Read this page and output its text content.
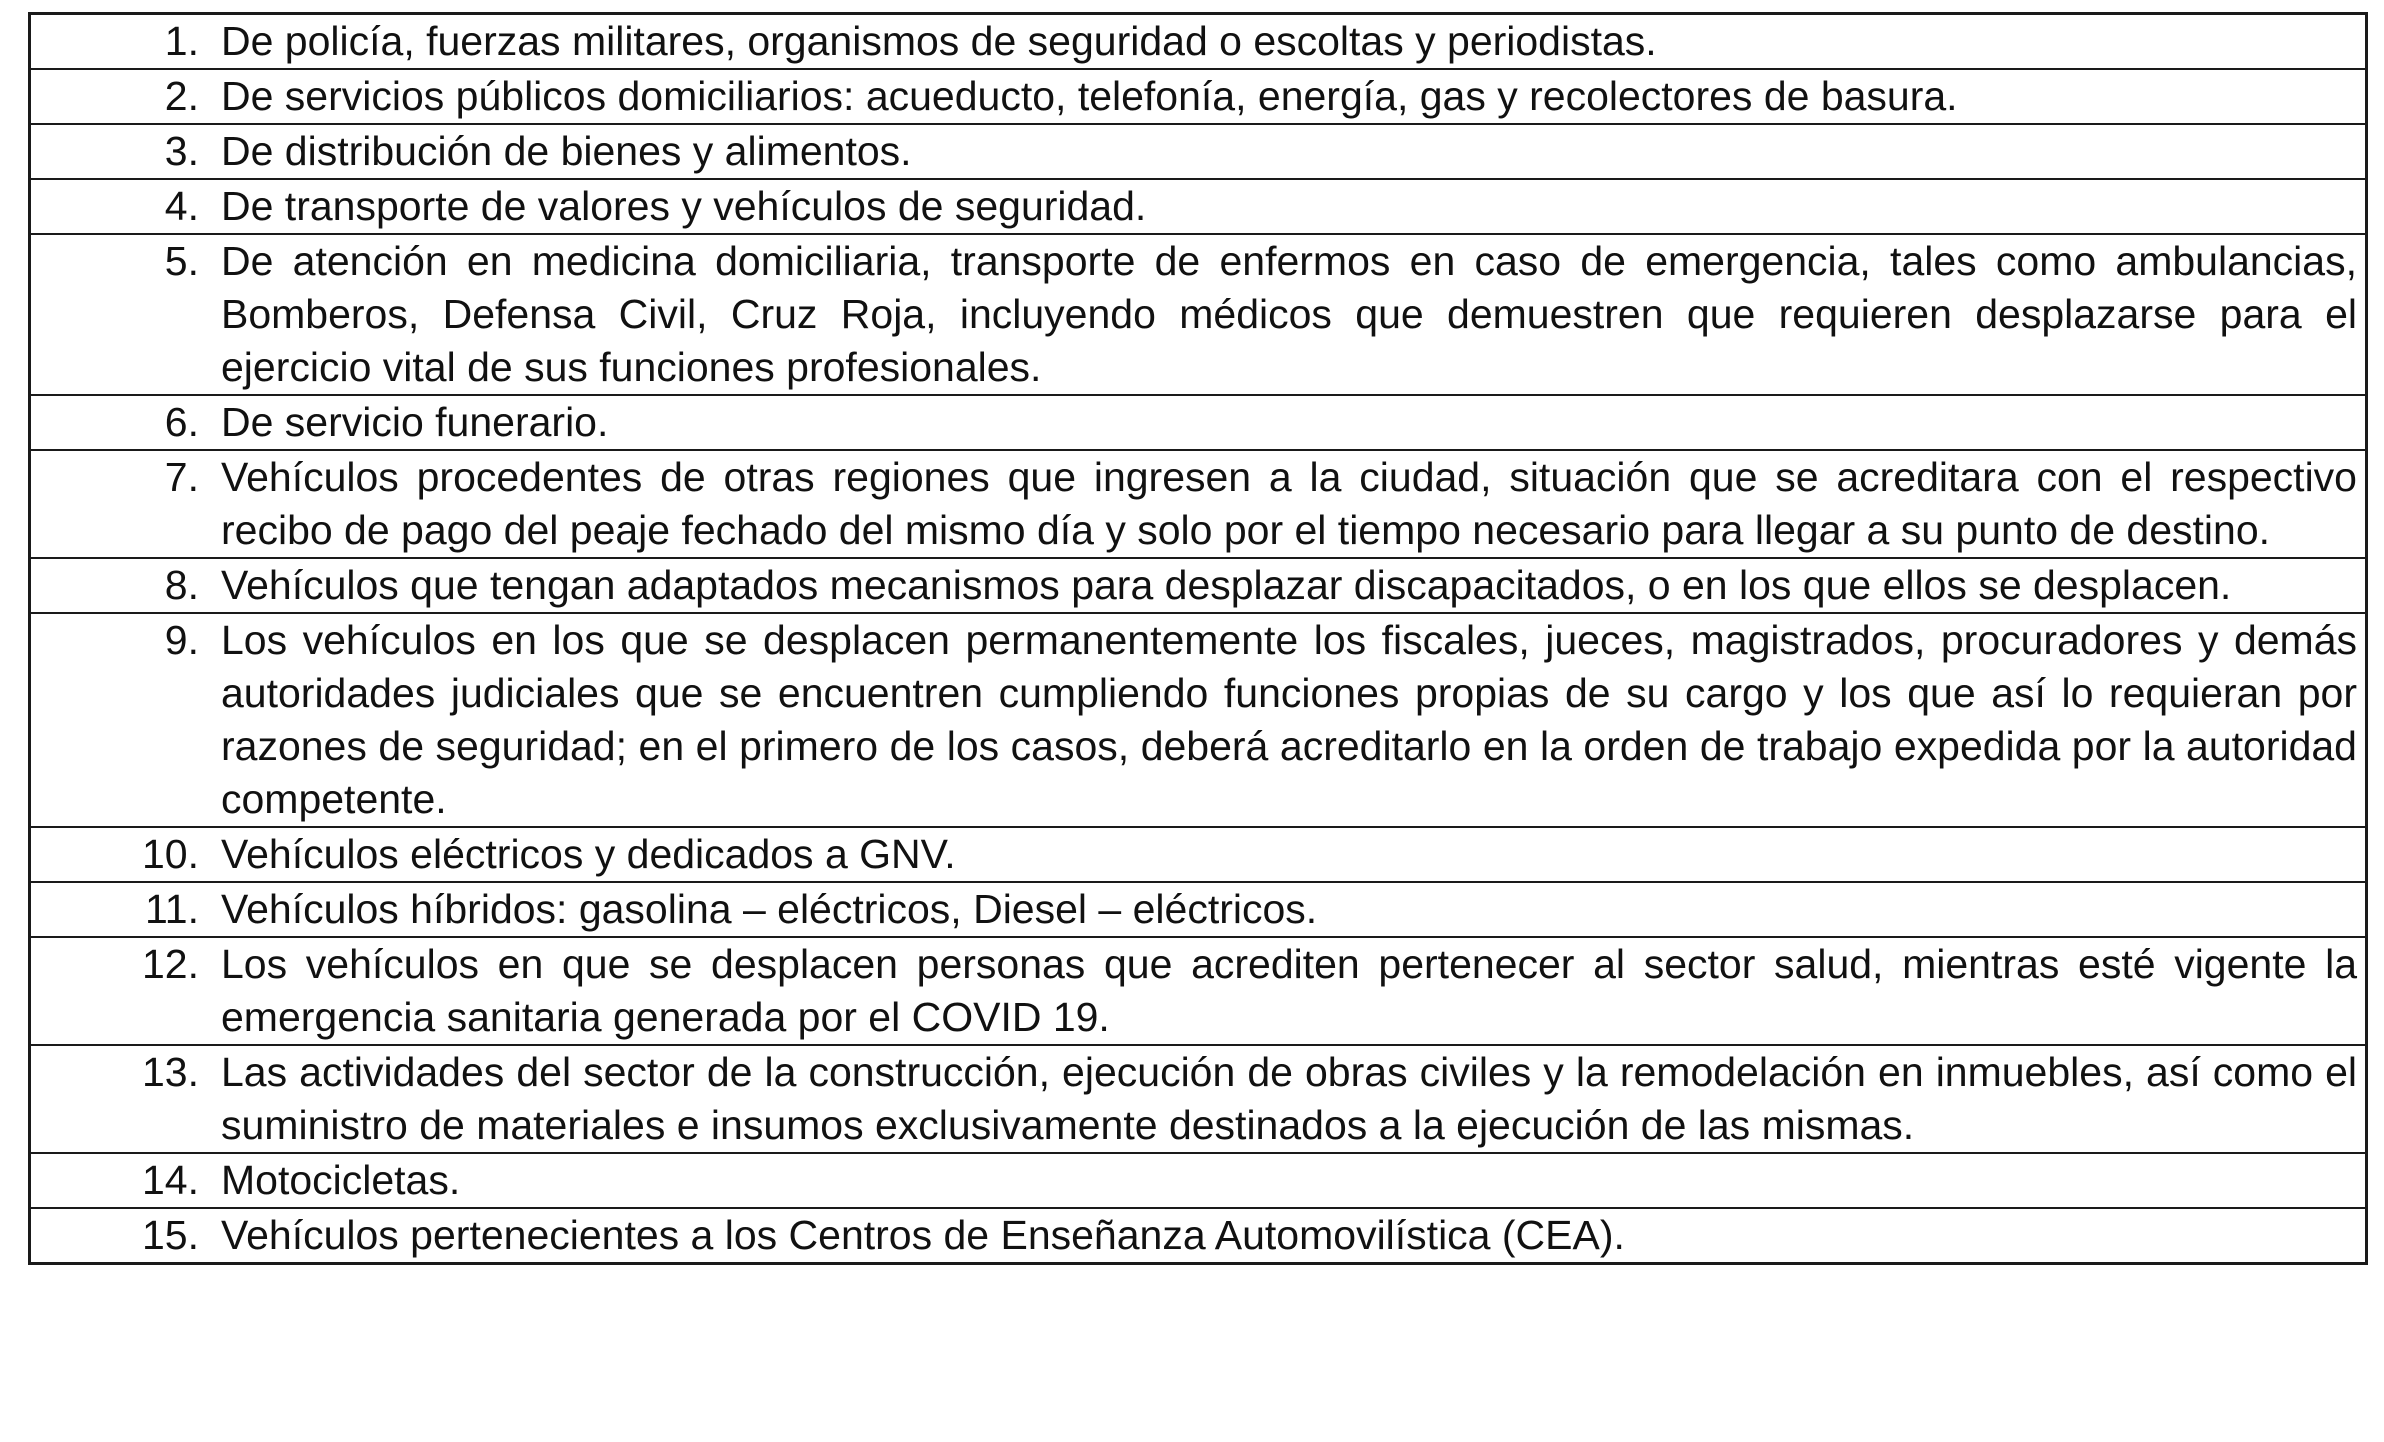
1. De policía, fuerzas militares, organismos de seguridad o escoltas y periodistas.

2. De servicios públicos domiciliarios: acueducto, telefonía, energía, gas y recolectores de basura.

3. De distribución de bienes y alimentos.

4. De transporte de valores y vehículos de seguridad.

5. De atención en medicina domiciliaria, transporte de enfermos en caso de emergencia, tales como ambulancias, Bomberos, Defensa Civil, Cruz Roja, incluyendo médicos que demuestren que requieren desplazarse para el ejercicio vital de sus funciones profesionales.

6. De servicio funerario.

7. Vehículos procedentes de otras regiones que ingresen a la ciudad, situación que se acreditara con el respectivo recibo de pago del peaje fechado del mismo día y solo por el tiempo necesario para llegar a su punto de destino.

8. Vehículos que tengan adaptados mecanismos para desplazar discapacitados, o en los que ellos se desplacen.

9. Los vehículos en los que se desplacen permanentemente los fiscales, jueces, magistrados, procuradores y demás autoridades judiciales que se encuentren cumpliendo funciones propias de su cargo y los que así lo requieran por razones de seguridad; en el primero de los casos, deberá acreditarlo en la orden de trabajo expedida por la autoridad competente.

10. Vehículos eléctricos y dedicados a GNV.

11. Vehículos híbridos: gasolina – eléctricos, Diesel – eléctricos.

12. Los vehículos en que se desplacen personas que acrediten pertenecer al sector salud, mientras esté vigente la emergencia sanitaria generada por el COVID 19.

13. Las actividades del sector de la construcción, ejecución de obras civiles y la remodelación en inmuebles, así como el suministro de materiales e insumos exclusivamente destinados a la ejecución de las mismas.

14. Motocicletas.

15. Vehículos pertenecientes a los Centros de Enseñanza Automovilística (CEA).
